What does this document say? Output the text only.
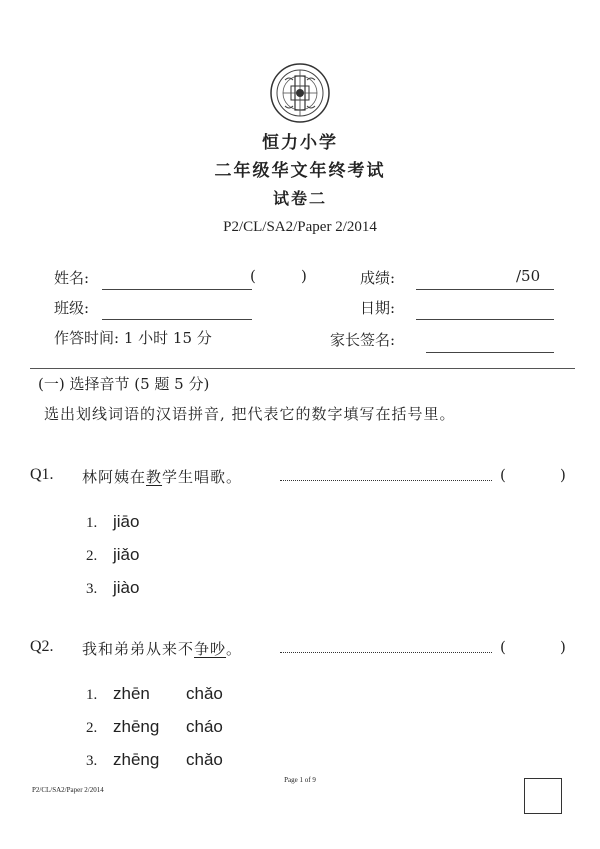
恒力小学
二年级华文年终考试
试卷二
P2/CL/SA2/Paper 2/2014
姓名:	(	)	成绩:	/50
班级:	日期:
作答时间: 1 小时 15 分	家长签名:
(一) 选择音节 (5 题 5 分)
选出划线词语的汉语拼音, 把代表它的数字填写在括号里。
Q1. 林阿姨在教学生唱歌。	(	)
1. jiāo
2. jiǎo
3. jiào
Q2. 我和弟弟从来不争吵。	(	)
1. zhēn chǎo
2. zhēng cháo
3. zhēng chǎo
Page 1 of 9
P2/CL/SA2/Paper 2/2014
